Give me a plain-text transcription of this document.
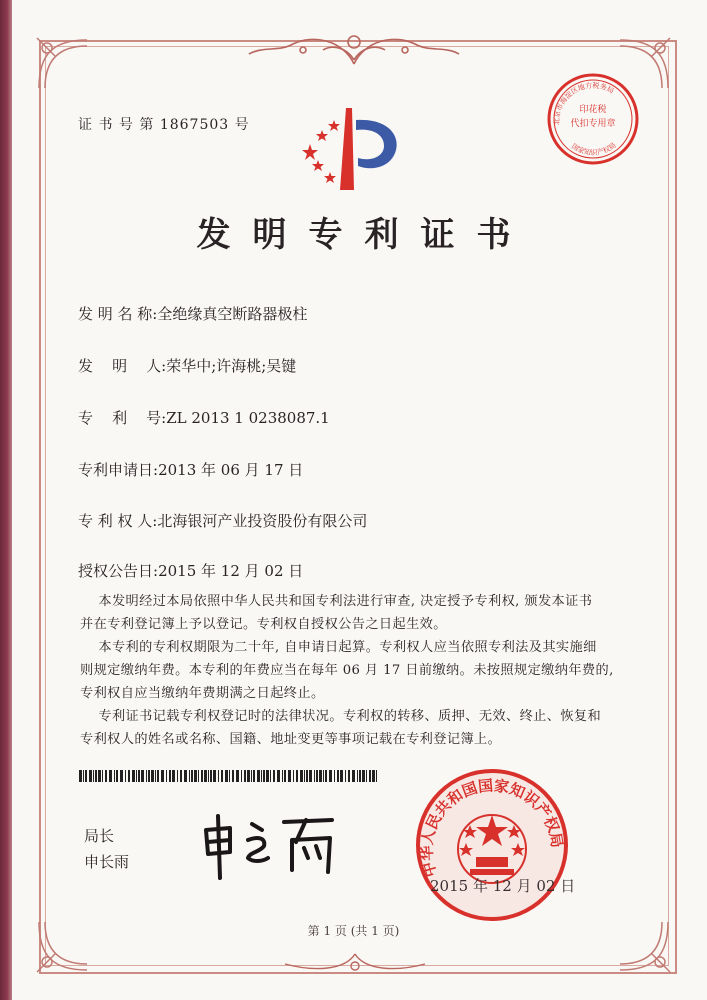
证 书 号 第 1867503 号
发明专利证书
发 明 名 称:全绝缘真空断路器极柱
发    明    人:荣华中;许海桃;吴键
专    利    号:ZL 2013 1 0238087.1
专利申请日:2013 年 06 月 17 日
专 利 权 人:北海银河产业投资股份有限公司
授权公告日:2015 年 12 月 02 日
本发明经过本局依照中华人民共和国专利法进行审查, 决定授予专利权, 颁发本证书
并在专利登记簿上予以登记。专利权自授权公告之日起生效。
本专利的专利权期限为二十年, 自申请日起算。专利权人应当依照专利法及其实施细
则规定缴纳年费。本专利的年费应当在每年 06 月 17 日前缴纳。未按照规定缴纳年费的,
专利权自应当缴纳年费期满之日起终止。
专利证书记载专利权登记时的法律状况。专利权的转移、质押、无效、终止、恢复和
专利权人的姓名或名称、国籍、地址变更等事项记载在专利登记簿上。
局长
申长雨
印花税
代扣专用章
北京市海淀区地方税务局
国家知识产权局
中华人民共和国国家知识产权局
2015 年 12 月 02 日
第 1 页 (共 1 页)
